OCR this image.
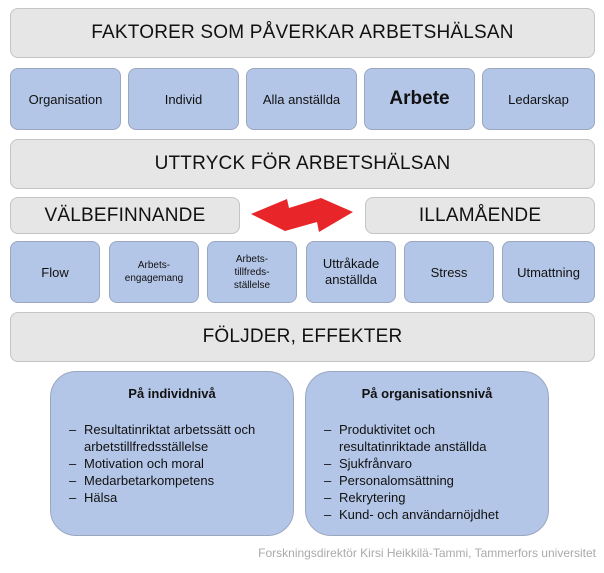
FAKTORER SOM PÅVERKAR ARBETSHÄLSAN
Organisation	Individ	Alla anställda	Arbete	Ledarskap
UTTRYCK FÖR ARBETSHÄLSAN
VÄLBEFINNANDE	ILLAMÅENDE
Flow	Arbets-
engagemang
Arbets-
tillfreds-
ställelse
Uttråkade
anställda	Stress	Utmattning
FÖLJDER, EFFEKTER
På individnivå
– Resultatinriktat arbetssätt och arbetstillfredsställelse
– Motivation och moral
– Medarbetarkompetens
– Hälsa
På organisationsnivå
– Produktivitet och resultatinriktade anställda
– Sjukfrånvaro
– Personalomsättning
– Rekrytering
– Kund- och användarnöjdhet
Forskningsdirektör Kirsi Heikkilä-Tammi, Tammerfors universitet
